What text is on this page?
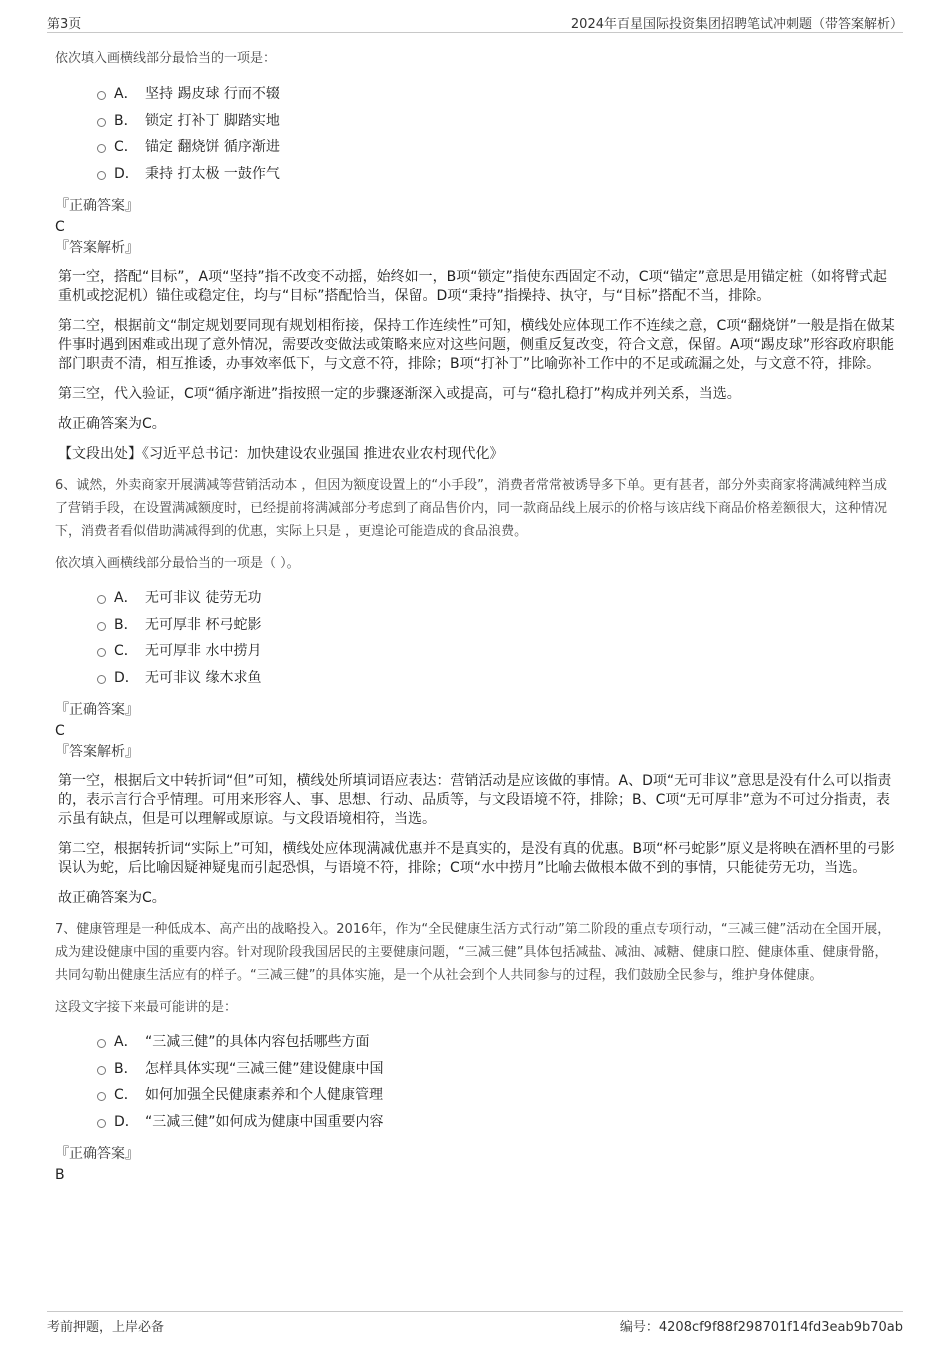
第3页	2024年百星国际投资集团招聘笔试冲刺题（带答案解析）

依次填入画横线部分最恰当的一项是：

A． 坚持 踢皮球 行而不辍
B． 锁定 打补丁 脚踏实地
C． 锚定 翻烧饼 循序渐进
D． 秉持 打太极 一鼓作气

『正确答案』

C

『答案解析』

第一空，搭配“目标”，A项“坚持”指不改变不动摇，始终如一，B项“锁定”指使东西固定不动，C项“锚定”意思是用锚定桩（如将臂式起重机或挖泥机）锚住或稳定住，均与“目标”搭配恰当，保留。D项“秉持”指操持、执守，与“目标”搭配不当，排除。

第二空，根据前文“制定规划要同现有规划相衔接，保持工作连续性”可知，横线处应体现工作不连续之意，C项“翻烧饼”一般是指在做某件事时遇到困难或出现了意外情况，需要改变做法或策略来应对这些问题，侧重反复改变，符合文意，保留。A项“踢皮球”形容政府职能部门职责不清，相互推诿，办事效率低下，与文意不符，排除；B项“打补丁”比喻弥补工作中的不足或疏漏之处，与文意不符，排除。

第三空，代入验证，C项“循序渐进”指按照一定的步骤逐渐深入或提高，可与“稳扎稳打”构成并列关系，当选。

故正确答案为C。

【文段出处】《习近平总书记：加快建设农业强国 推进农业农村现代化》

6、诚然，外卖商家开展满减等营销活动本 ，但因为额度设置上的“小手段”，消费者常常被诱导多下单。更有甚者，部分外卖商家将满减纯粹当成了营销手段，在设置满减额度时，已经提前将满减部分考虑到了商品售价内，同一款商品线上展示的价格与该店线下商品价格差额很大，这种情况下，消费者看似借助满减得到的优惠，实际上只是 ，更遑论可能造成的食品浪费。

依次填入画横线部分最恰当的一项是（ ）。

A． 无可非议 徒劳无功
B． 无可厚非 杯弓蛇影
C． 无可厚非 水中捞月
D． 无可非议 缘木求鱼

『正确答案』

C

『答案解析』

第一空，根据后文中转折词“但”可知，横线处所填词语应表达：营销活动是应该做的事情。A、D项“无可非议”意思是没有什么可以指责的，表示言行合乎情理。可用来形容人、事、思想、行动、品质等，与文段语境不符，排除；B、C项“无可厚非”意为不可过分指责，表示虽有缺点，但是可以理解或原谅。与文段语境相符，当选。

第二空，根据转折词“实际上”可知，横线处应体现满减优惠并不是真实的，是没有真的优惠。B项“杯弓蛇影”原义是将映在酒杯里的弓影误认为蛇，后比喻因疑神疑鬼而引起恐惧，与语境不符，排除；C项“水中捞月”比喻去做根本做不到的事情，只能徒劳无功，当选。

故正确答案为C。

7、健康管理是一种低成本、高产出的战略投入。2016年，作为“全民健康生活方式行动”第二阶段的重点专项行动，“三减三健”活动在全国开展，成为建设健康中国的重要内容。针对现阶段我国居民的主要健康问题，“三减三健”具体包括减盐、减油、减糖、健康口腔、健康体重、健康骨骼，共同勾勒出健康生活应有的样子。“三减三健”的具体实施，是一个从社会到个人共同参与的过程，我们鼓励全民参与，维护身体健康。

这段文字接下来最可能讲的是：

A． “三减三健”的具体内容包括哪些方面
B． 怎样具体实现“三减三健”建设健康中国
C． 如何加强全民健康素养和个人健康管理
D． “三减三健”如何成为健康中国重要内容

『正确答案』

B

考前押题，上岸必备	编号：4208cf9f88f298701f14fd3eab9b70ab
